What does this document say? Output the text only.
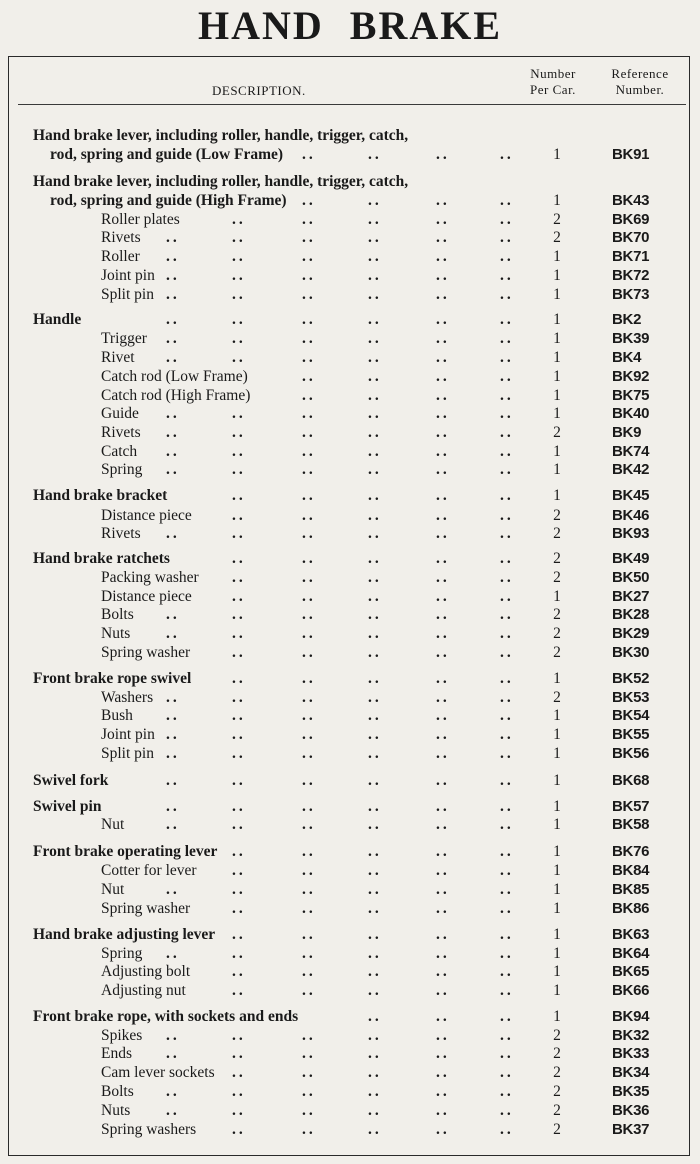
HAND BRAKE
DESCRIPTION.
Number
Per Car.
Reference
Number.
Hand brake lever, including roller, handle, trigger, catch,
rod, spring and guide (Low Frame) ..	..	..	..	1	BK91
Hand brake lever, including roller, handle, trigger, catch,
rod, spring and guide (High Frame) ..	..	..	..	1	BK43
Roller plates	..	..	..	..	..	2	BK69
Rivets ..	..	..	..	..	..	2	BK70
Roller ..	..	..	..	..	..	1	BK71
Joint pin ..	..	..	..	..	..	1	BK72
Split pin ..	..	..	..	..	..	1	BK73
Handle	..	..	..	..	..	..	1	BK2
Trigger ..	..	..	..	..	..	1	BK39
Rivet ..	..	..	..	..	..	1	BK4
Catch rod (Low Frame)	..	..	..	..	1	BK92
Catch rod (High Frame)	..	..	..	..	1	BK75
Guide ..	..	..	..	..	..	1	BK40
Rivets ..	..	..	..	..	..	2	BK9
Catch ..	..	..	..	..	..	1	BK74
Spring ..	..	..	..	..	..	1	BK42
Hand brake bracket	..	..	..	..	..	1	BK45
Distance piece	..	..	..	..	..	2	BK46
Rivets ..	..	..	..	..	..	2	BK93
Hand brake ratchets	..	..	..	..	..	2	BK49
Packing washer ..	..	..	..	..	2	BK50
Distance piece	..	..	..	..	..	1	BK27
Bolts ..	..	..	..	..	..	2	BK28
Nuts ..	..	..	..	..	..	2	BK29
Spring washer	..	..	..	..	..	2	BK30
Front brake rope swivel	..	..	..	..	..	1	BK52
Washers ..	..	..	..	..	..	2	BK53
Bush ..	..	..	..	..	..	1	BK54
Joint pin ..	..	..	..	..	..	1	BK55
Split pin ..	..	..	..	..	..	1	BK56
Swivel fork	..	..	..	..	..	..	1	BK68
Swivel pin	..	..	..	..	..	..	1	BK57
Nut	..	..	..	..	..	..	1	BK58
Front brake operating lever ..	..	..	..	..	1	BK76
Cotter for lever ..	..	..	..	..	1	BK84
Nut	..	..	..	..	..	..	1	BK85
Spring washer	..	..	..	..	..	1	BK86
Hand brake adjusting lever ..	..	..	..	..	1	BK63
Spring ..	..	..	..	..	..	1	BK64
Adjusting bolt	..	..	..	..	..	1	BK65
Adjusting nut	..	..	..	..	..	1	BK66
Front brake rope, with sockets and ends	..	..	..	1	BK94
Spikes ..	..	..	..	..	..	2	BK32
Ends ..	..	..	..	..	..	2	BK33
Cam lever sockets ..	..	..	..	..	2	BK34
Bolts ..	..	..	..	..	..	2	BK35
Nuts ..	..	..	..	..	..	2	BK36
Spring washers ..	..	..	..	..	2	BK37
